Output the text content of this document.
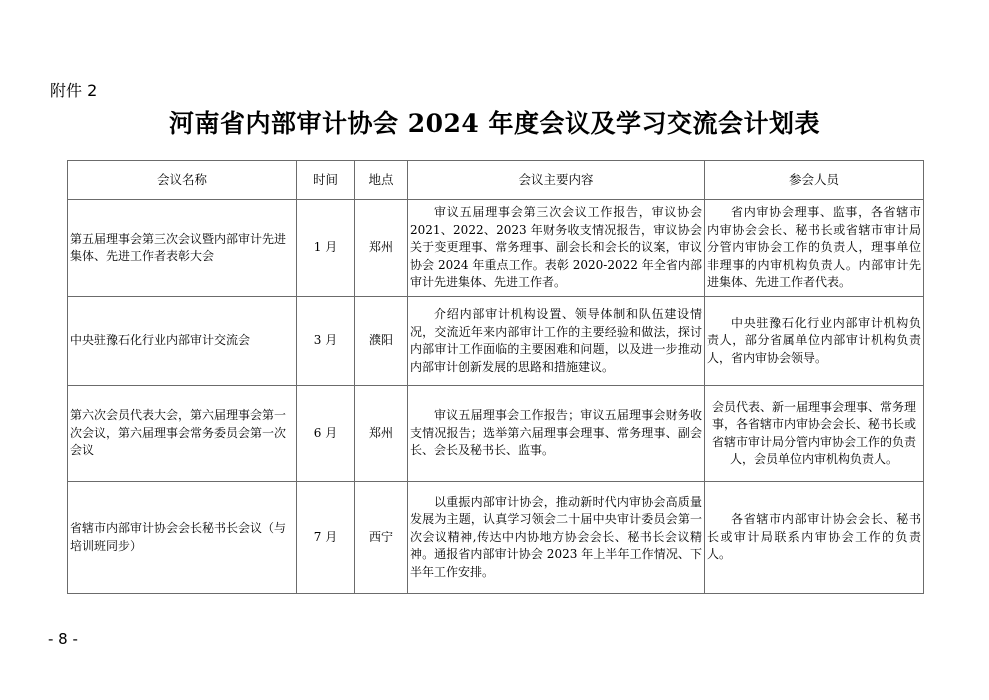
附件 2
河南省内部审计协会 2024 年度会议及学习交流会计划表
会议名称	时间	地点	会议主要内容	参会人员
第五届理事会第三次会议暨内部审计先进集体、先进工作者表彰大会	1 月	郑州	审议五届理事会第三次会议工作报告，审议协会 2021、2022、2023 年财务收支情况报告，审议协会关于变更理事、常务理事、副会长和会长的议案，审议协会 2024 年重点工作。表彰 2020-2022 年全省内部审计先进集体、先进工作者。	省内审协会理事、监事，各省辖市内审协会会长、秘书长或省辖市审计局分管内审协会工作的负责人，理事单位非理事的内审机构负责人。内部审计先进集体、先进工作者代表。
中央驻豫石化行业内部审计交流会	3 月	濮阳	介绍内部审计机构设置、领导体制和队伍建设情况，交流近年来内部审计工作的主要经验和做法，探讨内部审计工作面临的主要困难和问题，以及进一步推动内部审计创新发展的思路和措施建议。	中央驻豫石化行业内部审计机构负责人，部分省属单位内部审计机构负责人，省内审协会领导。
第六次会员代表大会，第六届理事会第一次会议，第六届理事会常务委员会第一次会议	6 月	郑州	审议五届理事会工作报告；审议五届理事会财务收支情况报告；选举第六届理事会理事、常务理事、副会长、会长及秘书长、监事。	会员代表、新一届理事会理事、常务理事，各省辖市内审协会会长、秘书长或省辖市审计局分管内审协会工作的负责人，会员单位内审机构负责人。
省辖市内部审计协会会长秘书长会议（与培训班同步）	7 月	西宁	以重振内部审计协会，推动新时代内审协会高质量发展为主题，认真学习领会二十届中央审计委员会第一次会议精神,传达中内协地方协会会长、秘书长会议精神。通报省内部审计协会 2023 年上半年工作情况、下半年工作安排。	各省辖市内部审计协会会长、秘书长或审计局联系内审协会工作的负责人。
- 8 -
